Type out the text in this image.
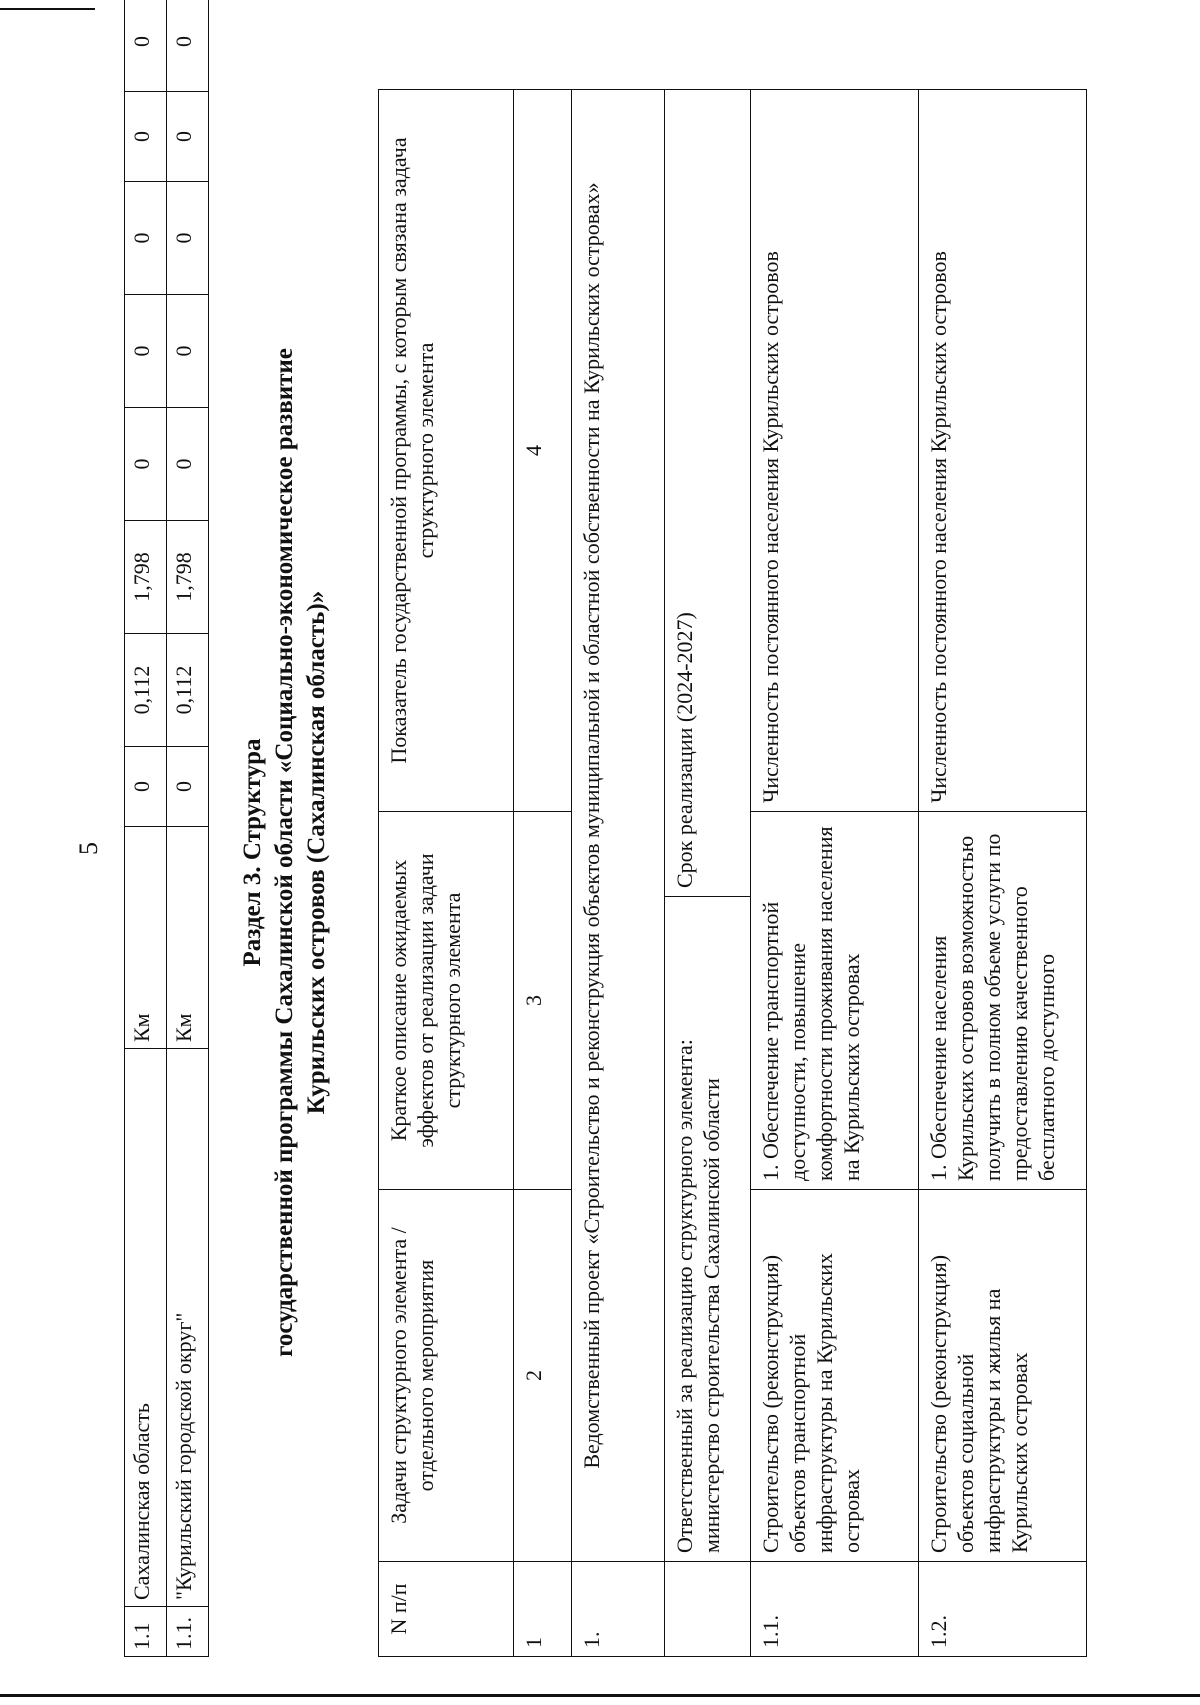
5
1.1	Сахалинская область	Км	0	0,112	1,798	0	0	0	0	0
1.1.	"Курильский городской округ"	Км	0	0,112	1,798	0	0	0	0	0
Раздел 3. Структура государственной программы Сахалинской области «Социально-экономическое развитие Курильских островов (Сахалинская область)»
N п/п	Задачи структурного элемента / отдельного мероприятия	Краткое описание ожидаемых эффектов от реализации задачи структурного элемента		Показатель государственной программы, с которым связана задача структурного элемента
1	2	3		4
1.	Ведомственный проект «Строительство и реконструкция объектов муниципальной и областной собственности на Курильских островах»			
	Ответственный за реализацию структурного элемента: министерство строительства Сахалинской области		Срок реализации (2024-2027)	
1.1.	Строительство (реконструкция) объектов транспортной инфраструктуры на Курильских островах	1. Обеспечение транспортной доступности, повышение комфортности проживания населения на Курильских островах		Численность постоянного населения Курильских островов
1.2.	Строительство (реконструкция) объектов социальной инфраструктуры и жилья на Курильских островах	1. Обеспечение населения Курильских островов возможностью получить в полном объеме услуги по предоставлению качественного бесплатного доступного		Численность постоянного населения Курильских островов
